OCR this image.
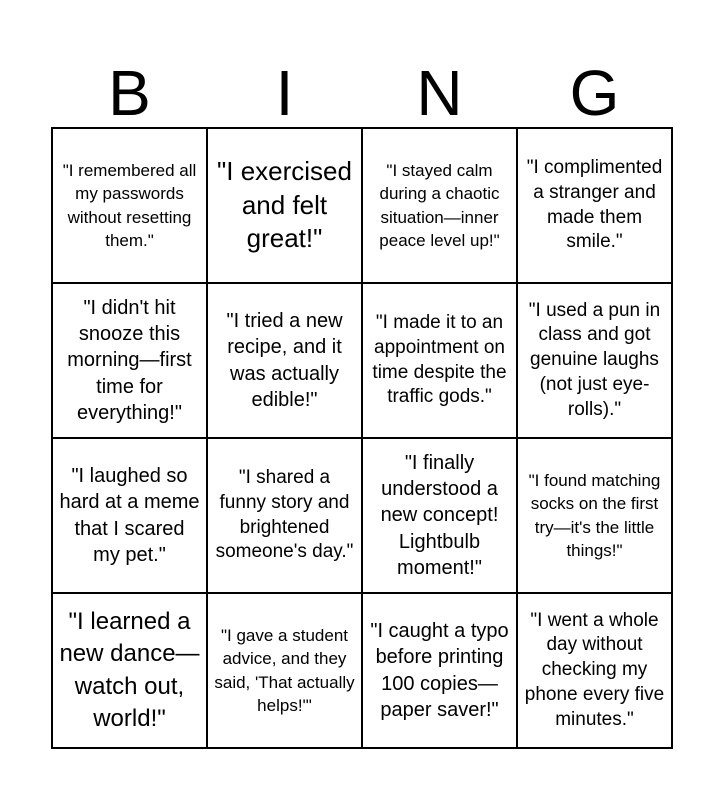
B	I	N	G
"I remembered all my passwords without resetting them."
"I exercised and felt great!"
"I stayed calm during a chaotic situation—inner peace level up!"
"I complimented a stranger and made them smile."
"I didn't hit snooze this morning—first time for everything!"
"I tried a new recipe, and it was actually edible!"
"I made it to an appointment on time despite the traffic gods."
"I used a pun in class and got genuine laughs (not just eye-rolls)."
"I laughed so hard at a meme that I scared my pet."
"I shared a funny story and brightened someone's day."
"I finally understood a new concept! Lightbulb moment!"
"I found matching socks on the first try—it's the little things!"
"I learned a new dance—watch out, world!"
"I gave a student advice, and they said, 'That actually helps!'"
"I caught a typo before printing 100 copies—paper saver!"
"I went a whole day without checking my phone every five minutes."
